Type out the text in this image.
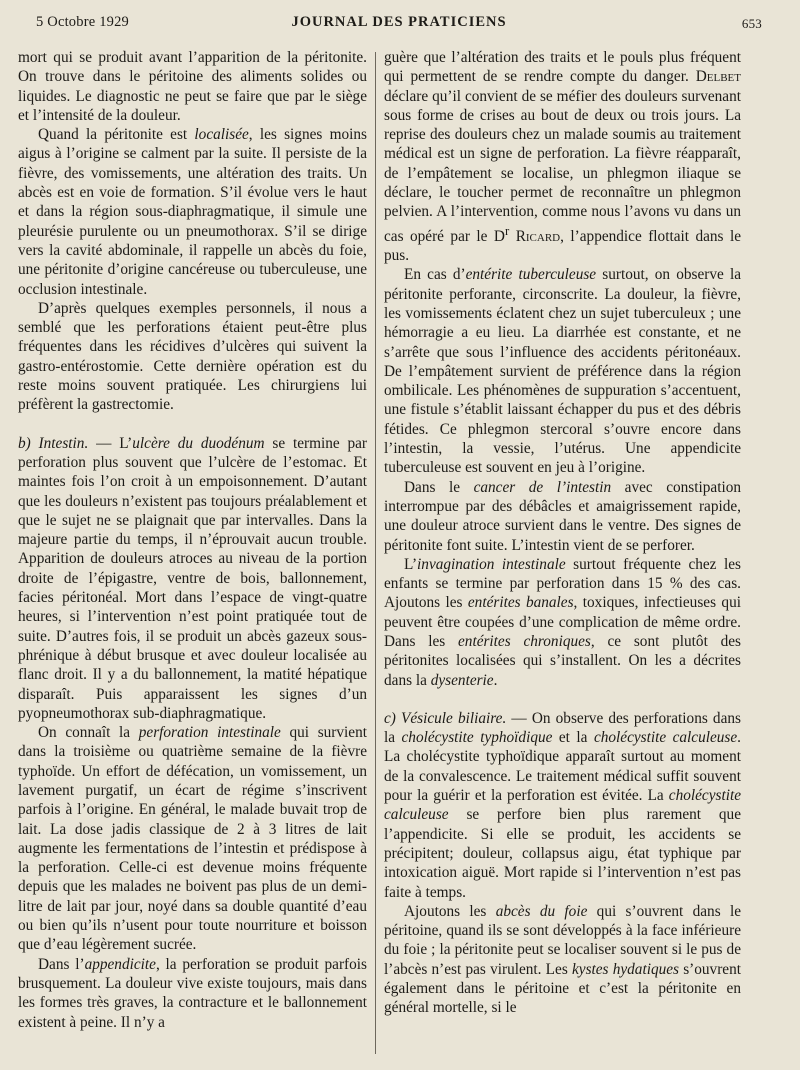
5 Octobre 1929	JOURNAL DES PRATICIENS	653

mort qui se produit avant l’apparition de la péritonite. On trouve dans le péritoine des aliments solides ou liquides. Le diagnostic ne peut se faire que par le siège et l’intensité de la douleur.

Quand la péritonite est localisée, les signes moins aigus à l’origine se calment par la suite. Il persiste de la fièvre, des vomissements, une altération des traits. Un abcès est en voie de formation. S’il évolue vers le haut et dans la région sous-diaphragmatique, il simule une pleurésie purulente ou un pneumothorax. S’il se dirige vers la cavité abdominale, il rappelle un abcès du foie, une péritonite d’origine cancéreuse ou tuberculeuse, une occlusion intestinale.

D’après quelques exemples personnels, il nous a semblé que les perforations étaient peut-être plus fréquentes dans les récidives d’ulcères qui suivent la gastro-entérostomie. Cette dernière opération est du reste moins souvent pratiquée. Les chirurgiens lui préfèrent la gastrectomie.

b) Intestin. — L’ulcère du duodénum se termine par perforation plus souvent que l’ulcère de l’estomac. Et maintes fois l’on croit à un empoisonnement. D’autant que les douleurs n’existent pas toujours préalablement et que le sujet ne se plaignait que par intervalles. Dans la majeure partie du temps, il n’éprouvait aucun trouble. Apparition de douleurs atroces au niveau de la portion droite de l’épigastre, ventre de bois, ballonnement, facies péritonéal. Mort dans l’espace de vingt-quatre heures, si l’intervention n’est point pratiquée tout de suite. D’autres fois, il se produit un abcès gazeux sous-phrénique à début brusque et avec douleur localisée au flanc droit. Il y a du ballonnement, la matité hépatique disparaît. Puis apparaissent les signes d’un pyopneumothorax sub-diaphragmatique.

On connaît la perforation intestinale qui survient dans la troisième ou quatrième semaine de la fièvre typhoïde. Un effort de défécation, un vomissement, un lavement purgatif, un écart de régime s’inscrivent parfois à l’origine. En général, le malade buvait trop de lait. La dose jadis classique de 2 à 3 litres de lait augmente les fermentations de l’intestin et prédispose à la perforation. Celle-ci est devenue moins fréquente depuis que les malades ne boivent pas plus de un demi-litre de lait par jour, noyé dans sa double quantité d’eau ou bien qu’ils n’usent pour toute nourriture et boisson que d’eau légèrement sucrée.

Dans l’appendicite, la perforation se produit parfois brusquement. La douleur vive existe toujours, mais dans les formes très graves, la contracture et le ballonnement existent à peine. Il n’y a

guère que l’altération des traits et le pouls plus fréquent qui permettent de se rendre compte du danger. Delbet déclare qu’il convient de se méfier des douleurs survenant sous forme de crises au bout de deux ou trois jours. La reprise des douleurs chez un malade soumis au traitement médical est un signe de perforation. La fièvre réapparaît, de l’empâtement se localise, un phlegmon iliaque se déclare, le toucher permet de reconnaître un phlegmon pelvien. A l’intervention, comme nous l’avons vu dans un cas opéré par le $D^r$ Ricard, l’appendice flottait dans le pus.

En cas d’entérite tuberculeuse surtout, on observe la péritonite perforante, circonscrite. La douleur, la fièvre, les vomissements éclatent chez un sujet tuberculeux ; une hémorragie a eu lieu. La diarrhée est constante, et ne s’arrête que sous l’influence des accidents péritonéaux. De l’empâtement survient de préférence dans la région ombilicale. Les phénomènes de suppuration s’accentuent, une fistule s’établit laissant échapper du pus et des débris fétides. Ce phlegmon stercoral s’ouvre encore dans l’intestin, la vessie, l’utérus. Une appendicite tuberculeuse est souvent en jeu à l’origine.

Dans le cancer de l’intestin avec constipation interrompue par des débâcles et amaigrissement rapide, une douleur atroce survient dans le ventre. Des signes de péritonite font suite. L’intestin vient de se perforer.

L’invagination intestinale surtout fréquente chez les enfants se termine par perforation dans 15 % des cas. Ajoutons les entérites banales, toxiques, infectieuses qui peuvent être coupées d’une complication de même ordre. Dans les entérites chroniques, ce sont plutôt des péritonites localisées qui s’installent. On les a décrites dans la dysenterie.

c) Vésicule biliaire. — On observe des perforations dans la cholécystite typhoïdique et la cholécystite calculeuse. La cholécystite typhoïdique apparaît surtout au moment de la convalescence. Le traitement médical suffit souvent pour la guérir et la perforation est évitée. La cholécystite calculeuse se perfore bien plus rarement que l’appendicite. Si elle se produit, les accidents se précipitent; douleur, collapsus aigu, état typhique par intoxication aiguë. Mort rapide si l’intervention n’est pas faite à temps.

Ajoutons les abcès du foie qui s’ouvrent dans le péritoine, quand ils se sont développés à la face inférieure du foie ; la péritonite peut se localiser souvent si le pus de l’abcès n’est pas virulent. Les kystes hydatiques s’ouvrent également dans le péritoine et c’est la péritonite en général mortelle, si le
